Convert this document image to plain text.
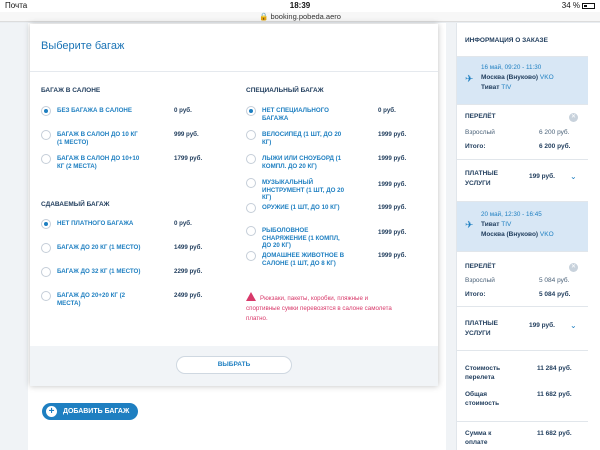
Почта	18:39	34 %
🔒 booking.pobeda.aero
+	ДОБАВИТЬ БАГАЖ
Выберите багаж
БАГАЖ В САЛОНЕ
БЕЗ БАГАЖА В САЛОНЕ	0 руб.
БАГАЖ В САЛОН ДО 10 КГ
(1 МЕСТО)
999 руб.
БАГАЖ В САЛОН ДО 10+10
КГ (2 МЕСТА)
1799 руб.
СДАВАЕМЫЙ БАГАЖ
НЕТ ПЛАТНОГО БАГАЖА	0 руб.
БАГАЖ ДО 20 КГ (1 МЕСТО)	1499 руб.
БАГАЖ ДО 32 КГ (1 МЕСТО)	2299 руб.
БАГАЖ ДО 20+20 КГ (2
МЕСТА)
2499 руб.
СПЕЦИАЛЬНЫЙ БАГАЖ
НЕТ СПЕЦИАЛЬНОГО
БАГАЖА
0 руб.
ВЕЛОСИПЕД (1 ШТ, ДО 20
КГ)
1999 руб.
ЛЫЖИ ИЛИ СНОУБОРД (1
КОМПЛ. ДО 20 КГ)
1999 руб.
МУЗЫКАЛЬНЫЙ
ИНСТРУМЕНТ (1 ШТ, ДО 20
КГ)
1999 руб.
ОРУЖИЕ (1 ШТ, ДО 10 КГ)	1999 руб.
РЫБОЛОВНОЕ
СНАРЯЖЕНИЕ (1 КОМПЛ,
ДО 20 КГ)
1999 руб.
ДОМАШНЕЕ ЖИВОТНОЕ В
САЛОНЕ (1 ШТ, ДО 8 КГ)
1999 руб.
Рюкзаки, пакеты, коробки, пляжные и спортивные сумки перевозятся в салоне самолета платно.
ВЫБРАТЬ
ИНФОРМАЦИЯ О ЗАКАЗЕ
✈
16 май, 09:20 - 11:30
Москва (Внуково) VKO
Тиват TIV
ПЕРЕЛЁТ	✕
Взрослый	6 200 руб.
Итого:	6 200 руб.
ПЛАТНЫЕ
УСЛУГИ
199 руб. ⌄
✈
20 май, 12:30 - 16:45
Тиват TIV
Москва (Внуково) VKO
ПЕРЕЛЁТ	✕
Взрослый	5 084 руб.
Итого:	5 084 руб.
ПЛАТНЫЕ
УСЛУГИ
199 руб. ⌄
Стоимость
перелета
11 284 руб.
Общая
стоимость
11 682 руб.
Сумма к
оплате
11 682 руб.
